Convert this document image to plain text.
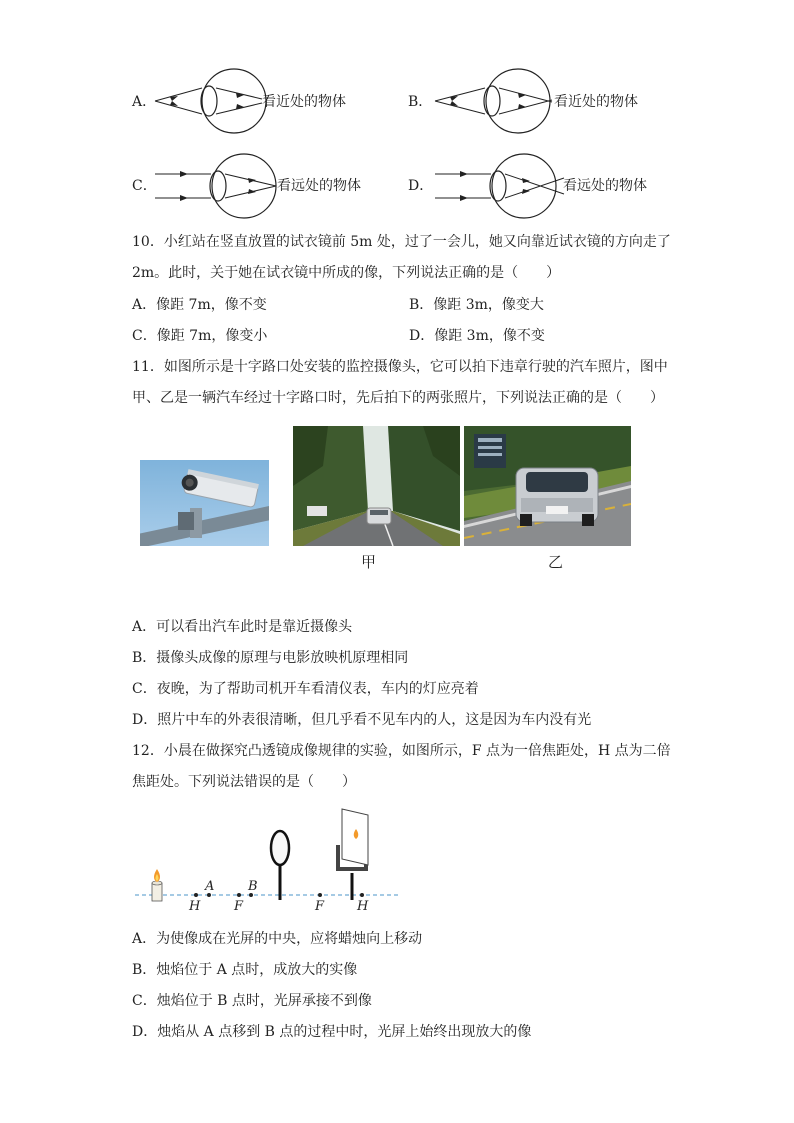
A．	看近处的物体	B．	看近处的物体
C．	看远处的物体	D．	看远处的物体
10．小红站在竖直放置的试衣镜前 5m 处，过了一会儿，她又向靠近试衣镜的方向走了
2m。此时，关于她在试衣镜中所成的像，下列说法正确的是（　　）
A．像距 7m，像不变	B．像距 3m，像变大
C．像距 7m，像变小	D．像距 3m，像不变
11．如图所示是十字路口处安装的监控摄像头，它可以拍下违章行驶的汽车照片，图中
甲、乙是一辆汽车经过十字路口时，先后拍下的两张照片，下列说法正确的是（　　）
甲	乙
A．可以看出汽车此时是靠近摄像头
B．摄像头成像的原理与电影放映机原理相同
C．夜晚，为了帮助司机开车看清仪表，车内的灯应亮着
D．照片中车的外表很清晰，但几乎看不见车内的人，这是因为车内没有光
12．小晨在做探究凸透镜成像规律的实验，如图所示，F 点为一倍焦距处，H 点为二倍
焦距处。下列说法错误的是（　　）
A	B
H	F	F	H
A．为使像成在光屏的中央，应将蜡烛向上移动
B．烛焰位于 A 点时，成放大的实像
C．烛焰位于 B 点时，光屏承接不到像
D．烛焰从 A 点移到 B 点的过程中时，光屏上始终出现放大的像
